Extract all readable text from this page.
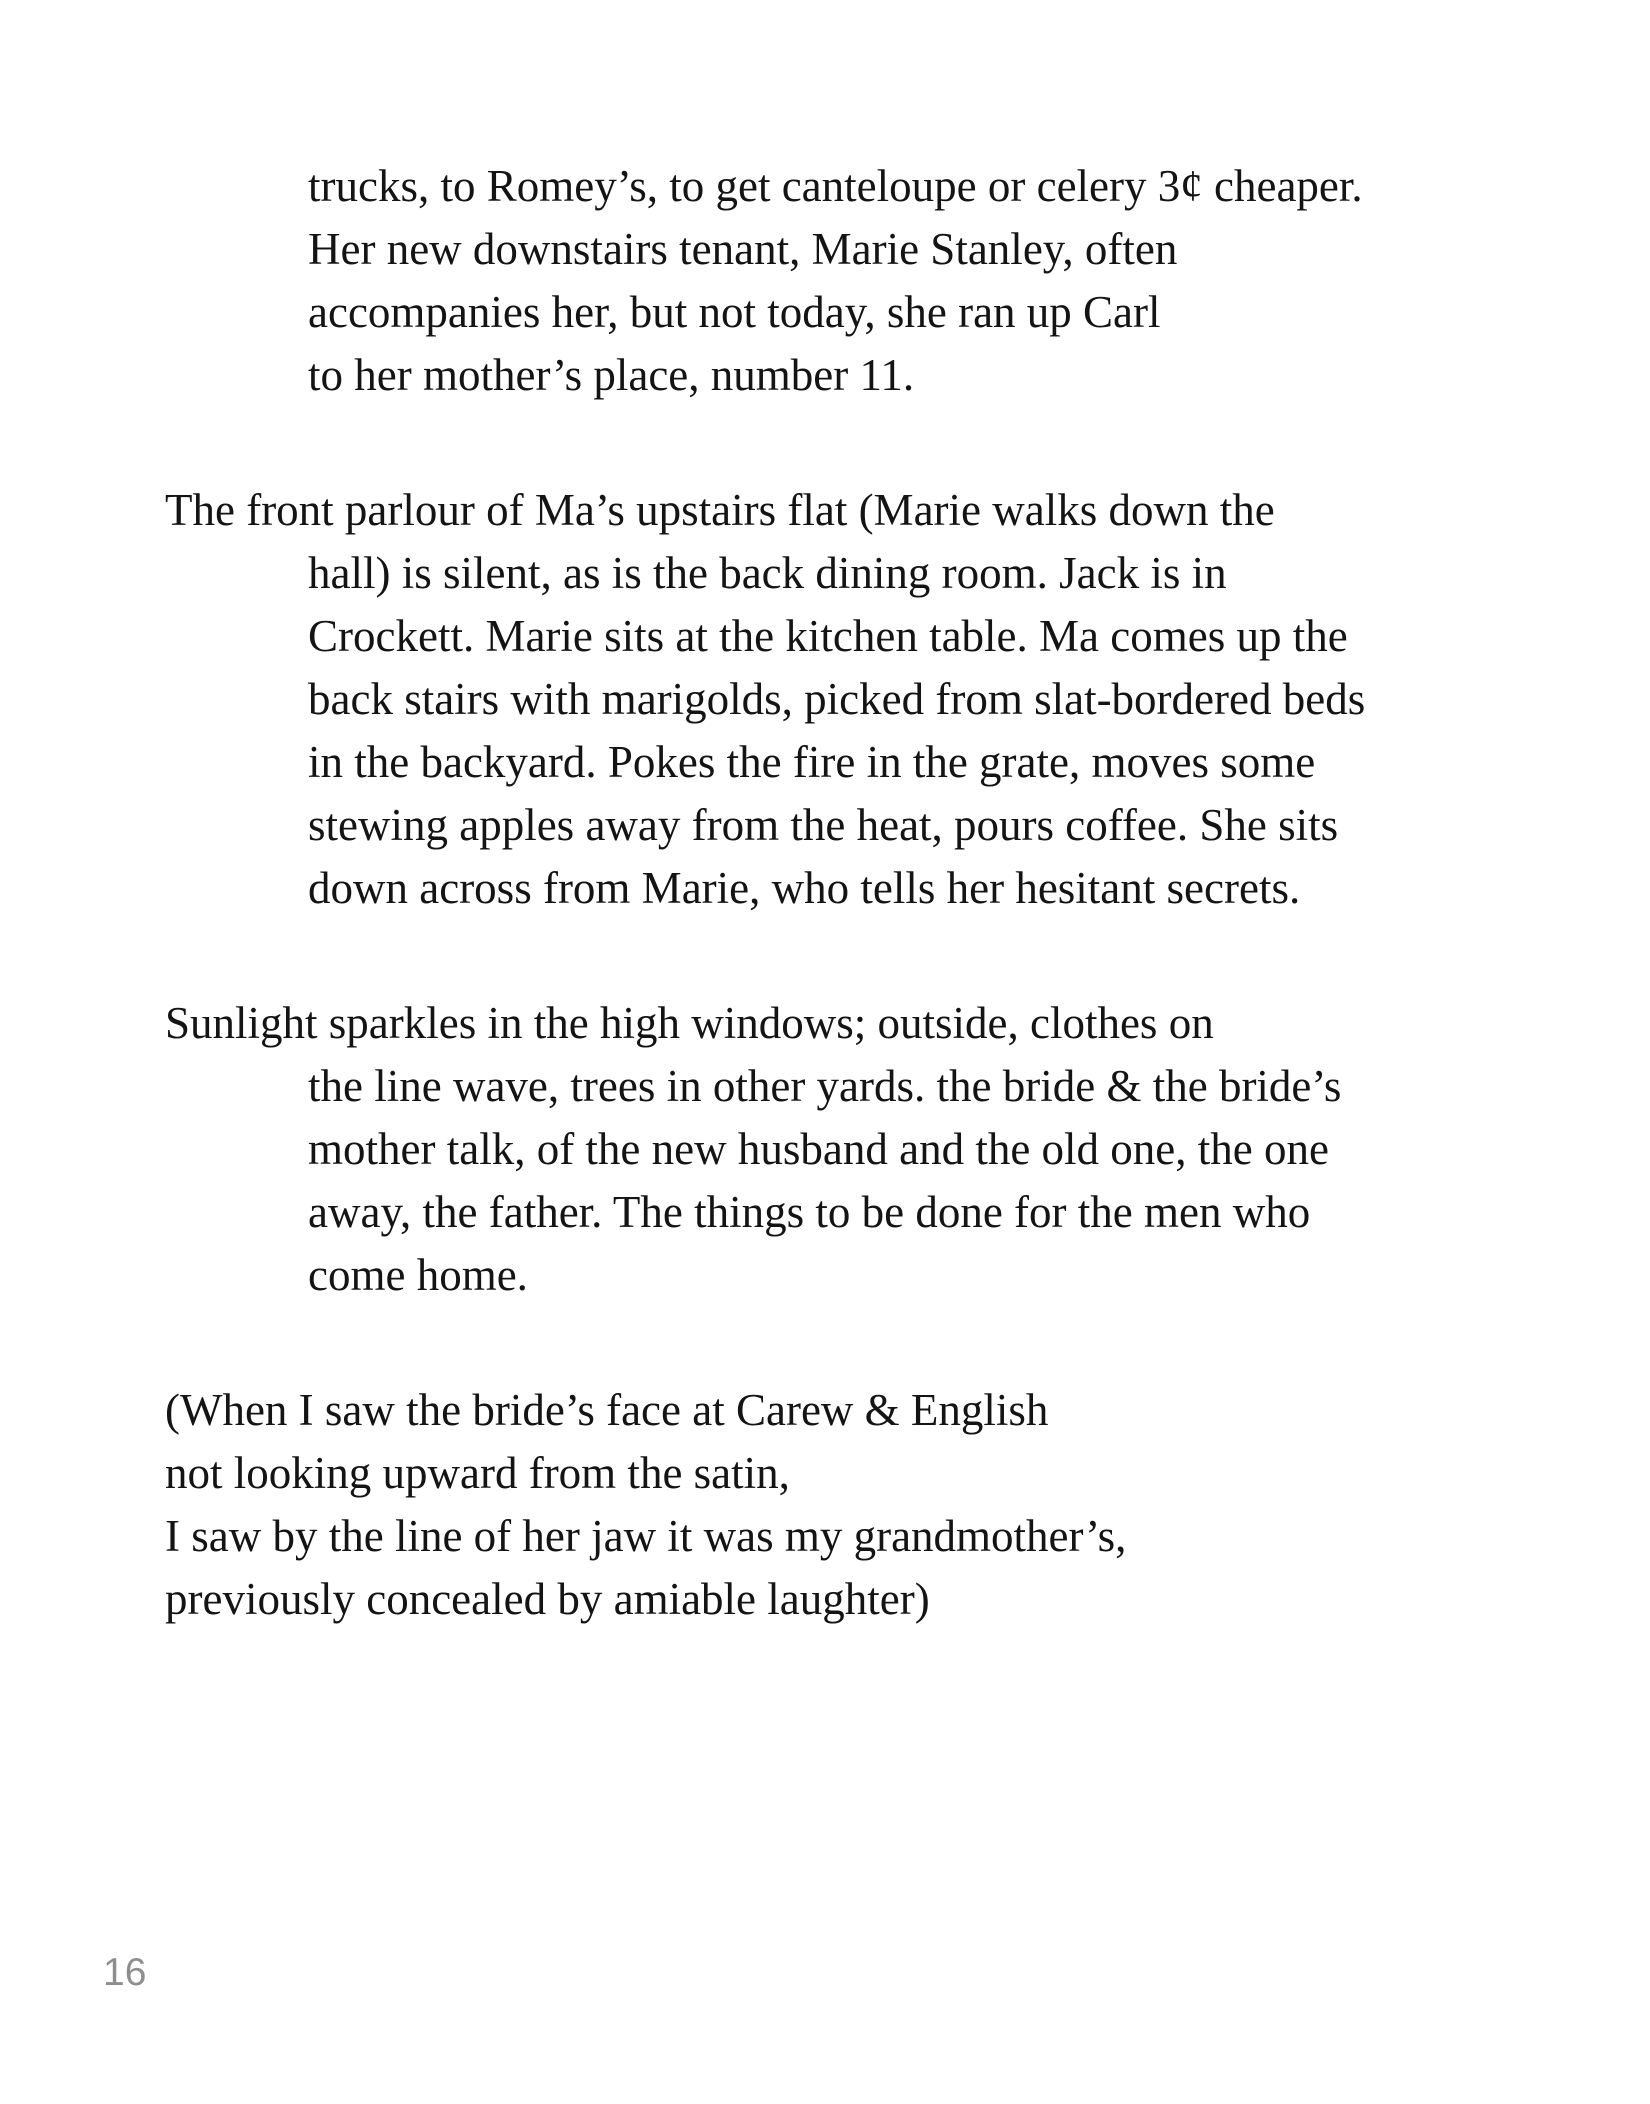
trucks, to Romey’s, to get canteloupe or celery 3¢ cheaper.
Her new downstairs tenant, Marie Stanley, often
accompanies her, but not today, she ran up Carl
to her mother’s place, number 11.
The front parlour of Ma’s upstairs flat (Marie walks down the
hall) is silent, as is the back dining room. Jack is in
Crockett. Marie sits at the kitchen table. Ma comes up the
back stairs with marigolds, picked from slat-bordered beds
in the backyard. Pokes the fire in the grate, moves some
stewing apples away from the heat, pours coffee. She sits
down across from Marie, who tells her hesitant secrets.
Sunlight sparkles in the high windows; outside, clothes on
the line wave, trees in other yards. the bride & the bride’s
mother talk, of the new husband and the old one, the one
away, the father. The things to be done for the men who
come home.
(When I saw the bride’s face at Carew & English
not looking upward from the satin,
I saw by the line of her jaw it was my grandmother’s,
previously concealed by amiable laughter)
16
